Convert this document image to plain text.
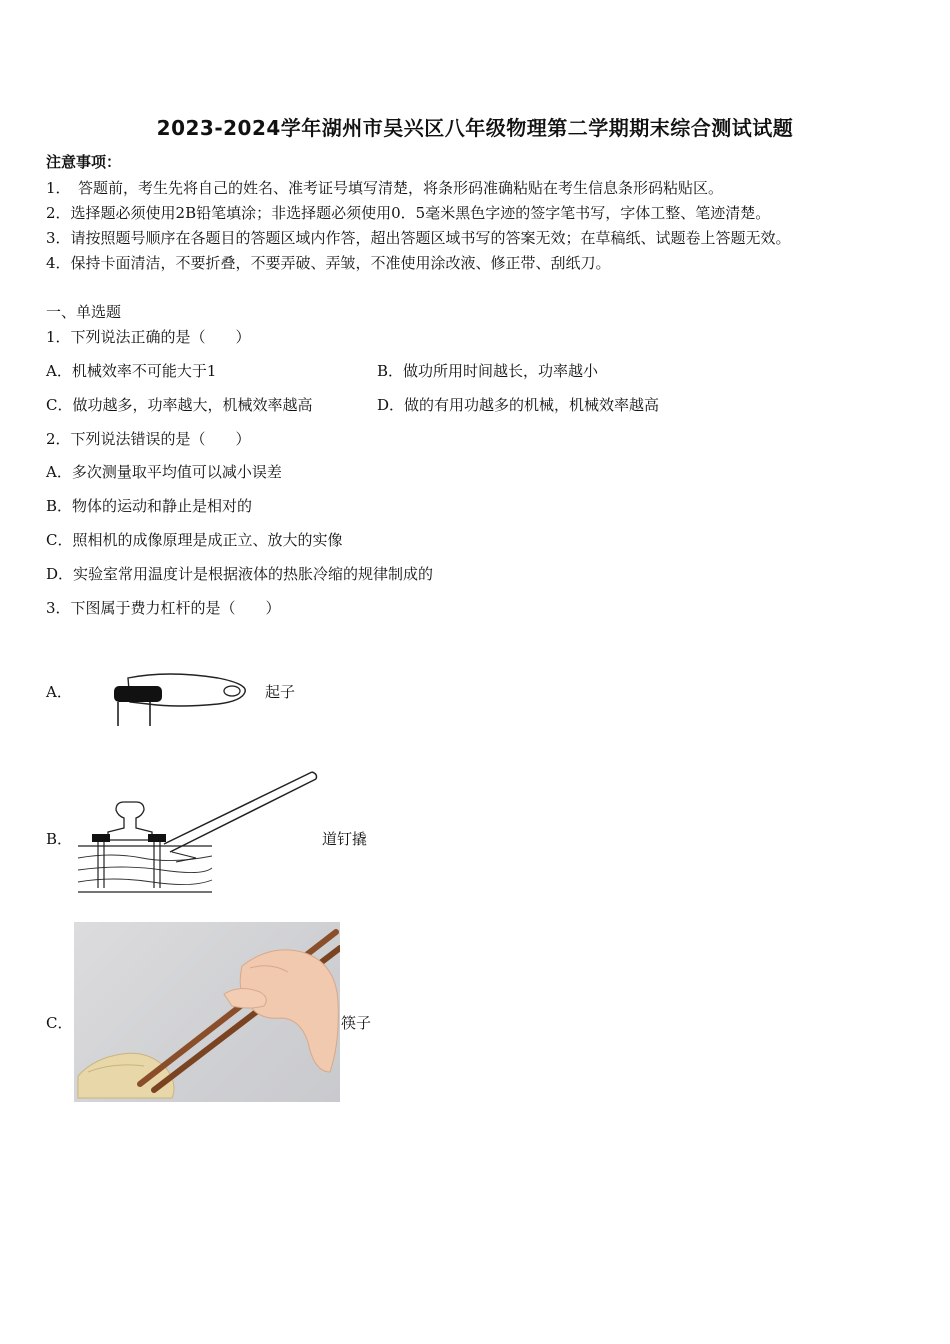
2023-2024学年湖州市吴兴区八年级物理第二学期期末综合测试试题
注意事项：
1．　答题前，考生先将自己的姓名、准考证号填写清楚，将条形码准确粘贴在考生信息条形码粘贴区。
2．选择题必须使用2B铅笔填涂；非选择题必须使用0．5毫米黑色字迹的签字笔书写，字体工整、笔迹清楚。
3．请按照题号顺序在各题目的答题区域内作答，超出答题区域书写的答案无效；在草稿纸、试题卷上答题无效。
4．保持卡面清洁，不要折叠，不要弄破、弄皱，不准使用涂改液、修正带、刮纸刀。
一、单选题
1．下列说法正确的是（　　）
A．机械效率不可能大于1	B．做功所用时间越长，功率越小
C．做功越多，功率越大，机械效率越高	D．做的有用功越多的机械，机械效率越高
2．下列说法错误的是（　　）
A．多次测量取平均值可以减小误差
B．物体的运动和静止是相对的
C．照相机的成像原理是成正立、放大的实像
D．实验室常用温度计是根据液体的热胀冷缩的规律制成的
3．下图属于费力杠杆的是（　　）
A．	起子
B．	道钉撬
C．	筷子
